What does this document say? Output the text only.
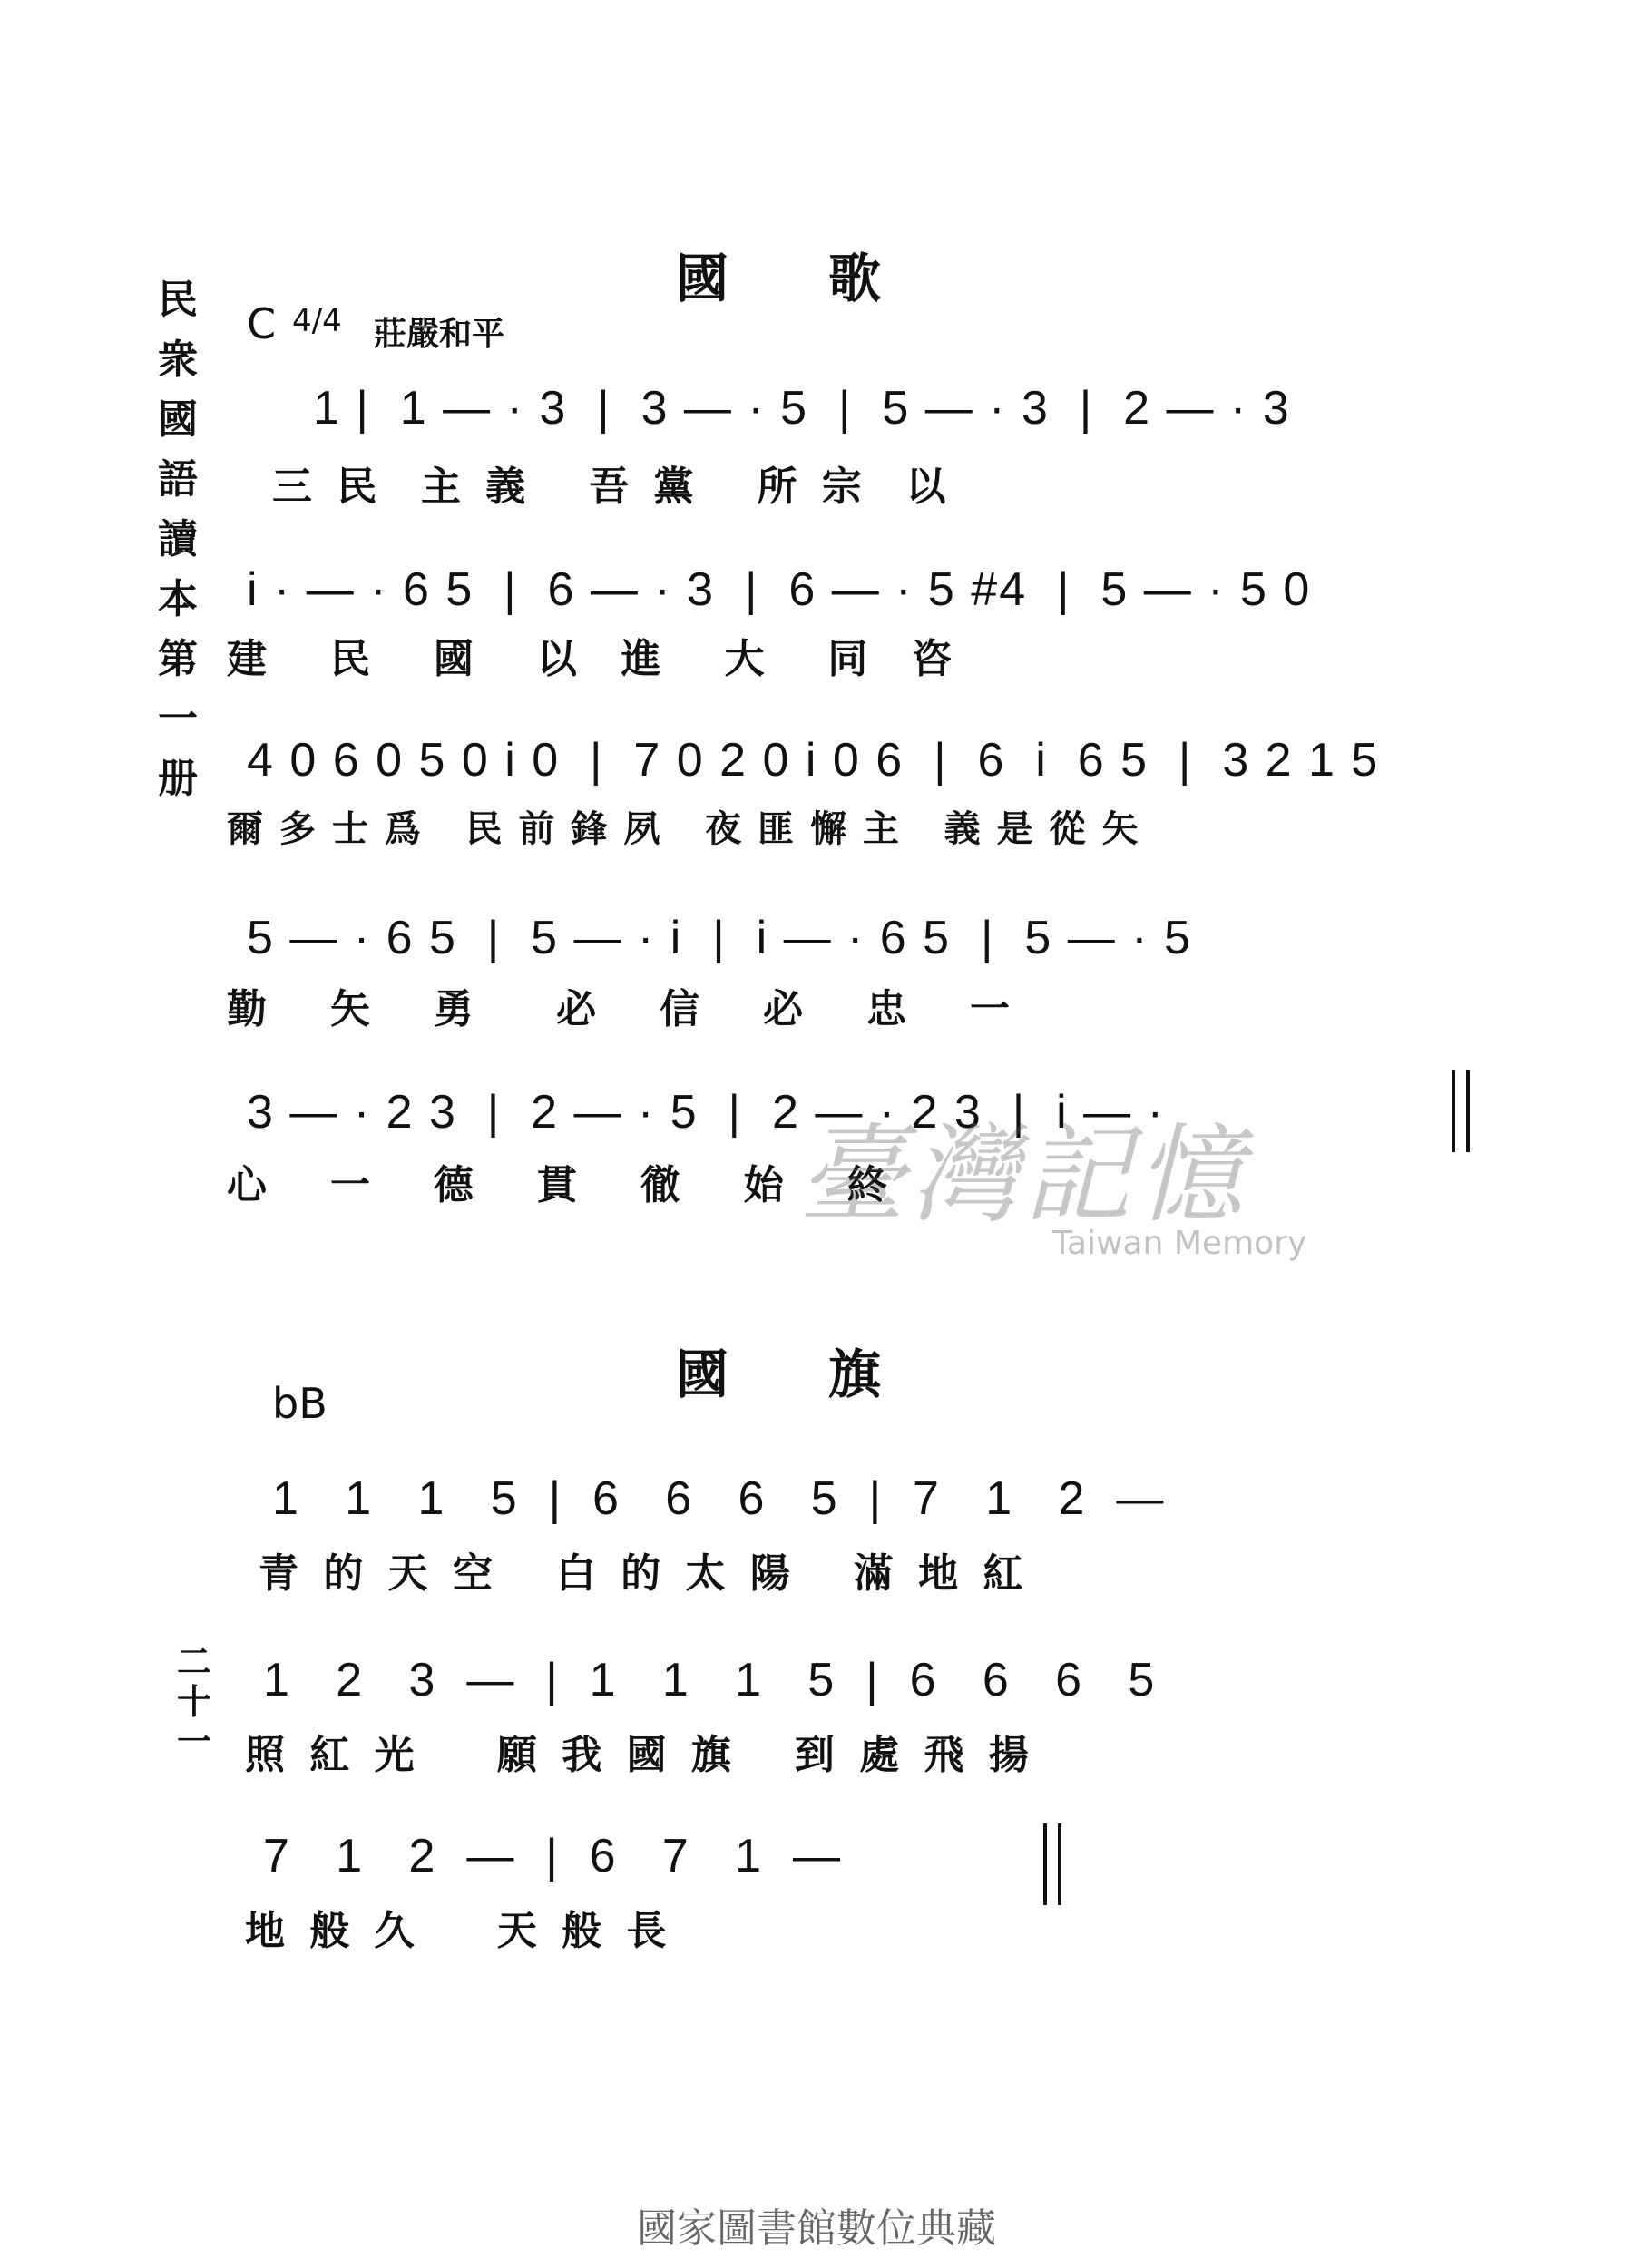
民衆國語讀本第一册
國歌
C 4/4 莊嚴和平
1 |  1 — · 3  |  3 — · 5  |  5 — · 3  |  2 — · 3
三 民  主 義   吾 黨   所 宗  以
i · — · 6 5  |  6 — · 3  |  6 — · 5 #4  |  5 — · 5 0
建   民   國   以  進   大   同  咨
4 0 6 0 5 0 i 0  |  7 0 2 0 i 0 6  |  6  i  6 5  |  3 2 1 5
爾 多 士 爲   民 前 鋒 夙   夜 匪 懈 主   義 是 從 矢
5 — · 6 5  |  5 — · i  |  i — · 6 5  |  5 — · 5
勤   矢   勇    必   信   必   忠   一
3 — · 2 3  |  2 — · 5  |  2 — · 2 3  |  i — ·
心   一   德   貫   徹   始   終
臺灣記憶
Taiwan Memory
國旗
bB
1   1   1   5  |  6   6   6   5  |  7   1   2  —
青 的 天 空   白 的 太 陽   滿 地 紅
1   2   3  —  |  1   1   1   5  |  6   6   6   5
照 紅 光    願 我 國 旗   到 處 飛 揚
7   1   2  —  |  6   7   1  —
地 般 久    天 般 長
二十一
國家圖書館數位典藏
